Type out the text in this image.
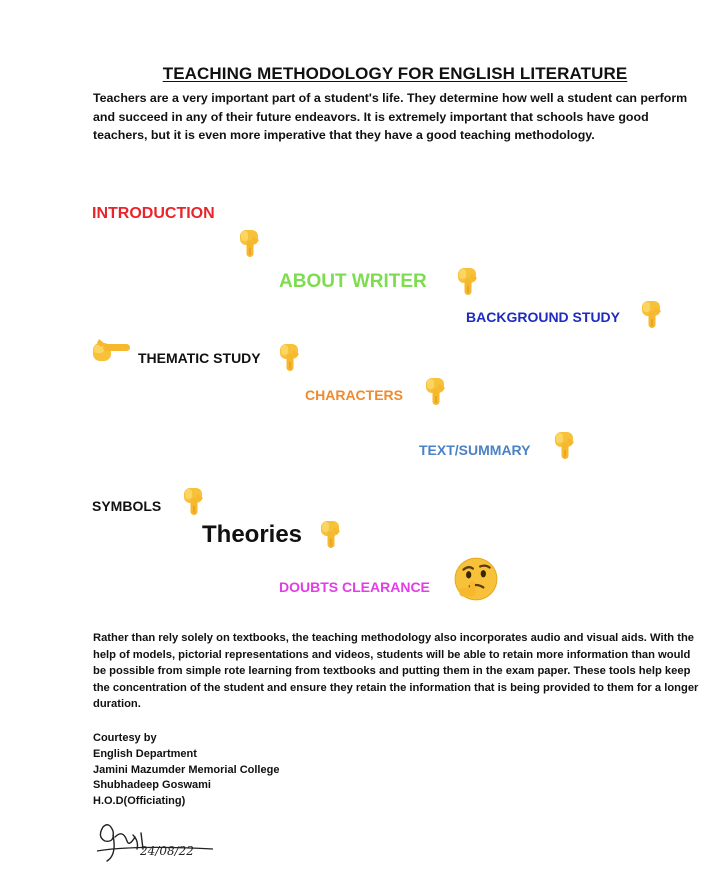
TEACHING METHODOLOGY FOR ENGLISH LITERATURE
Teachers are a very important part of a student's life. They determine how well a student can perform and succeed in any of their future endeavors. It is extremely important that schools have good teachers, but it is even more imperative that they have a good teaching methodology.
INTRODUCTION
ABOUT WRITER
BACKGROUND STUDY
THEMATIC STUDY
CHARACTERS
TEXT/SUMMARY
SYMBOLS
Theories
DOUBTS CLEARANCE
Rather than rely solely on textbooks, the teaching methodology also incorporates audio and visual aids. With the help of models, pictorial representations and videos, students will be able to retain more information than would be possible from simple rote learning from textbooks and putting them in the exam paper. These tools help keep the concentration of the student and ensure they retain the information that is being provided to them for a longer duration.
Courtesy by
English Department
Jamini Mazumder Memorial College
Shubhadeep Goswami
H.O.D(Officiating)
24/08/22
